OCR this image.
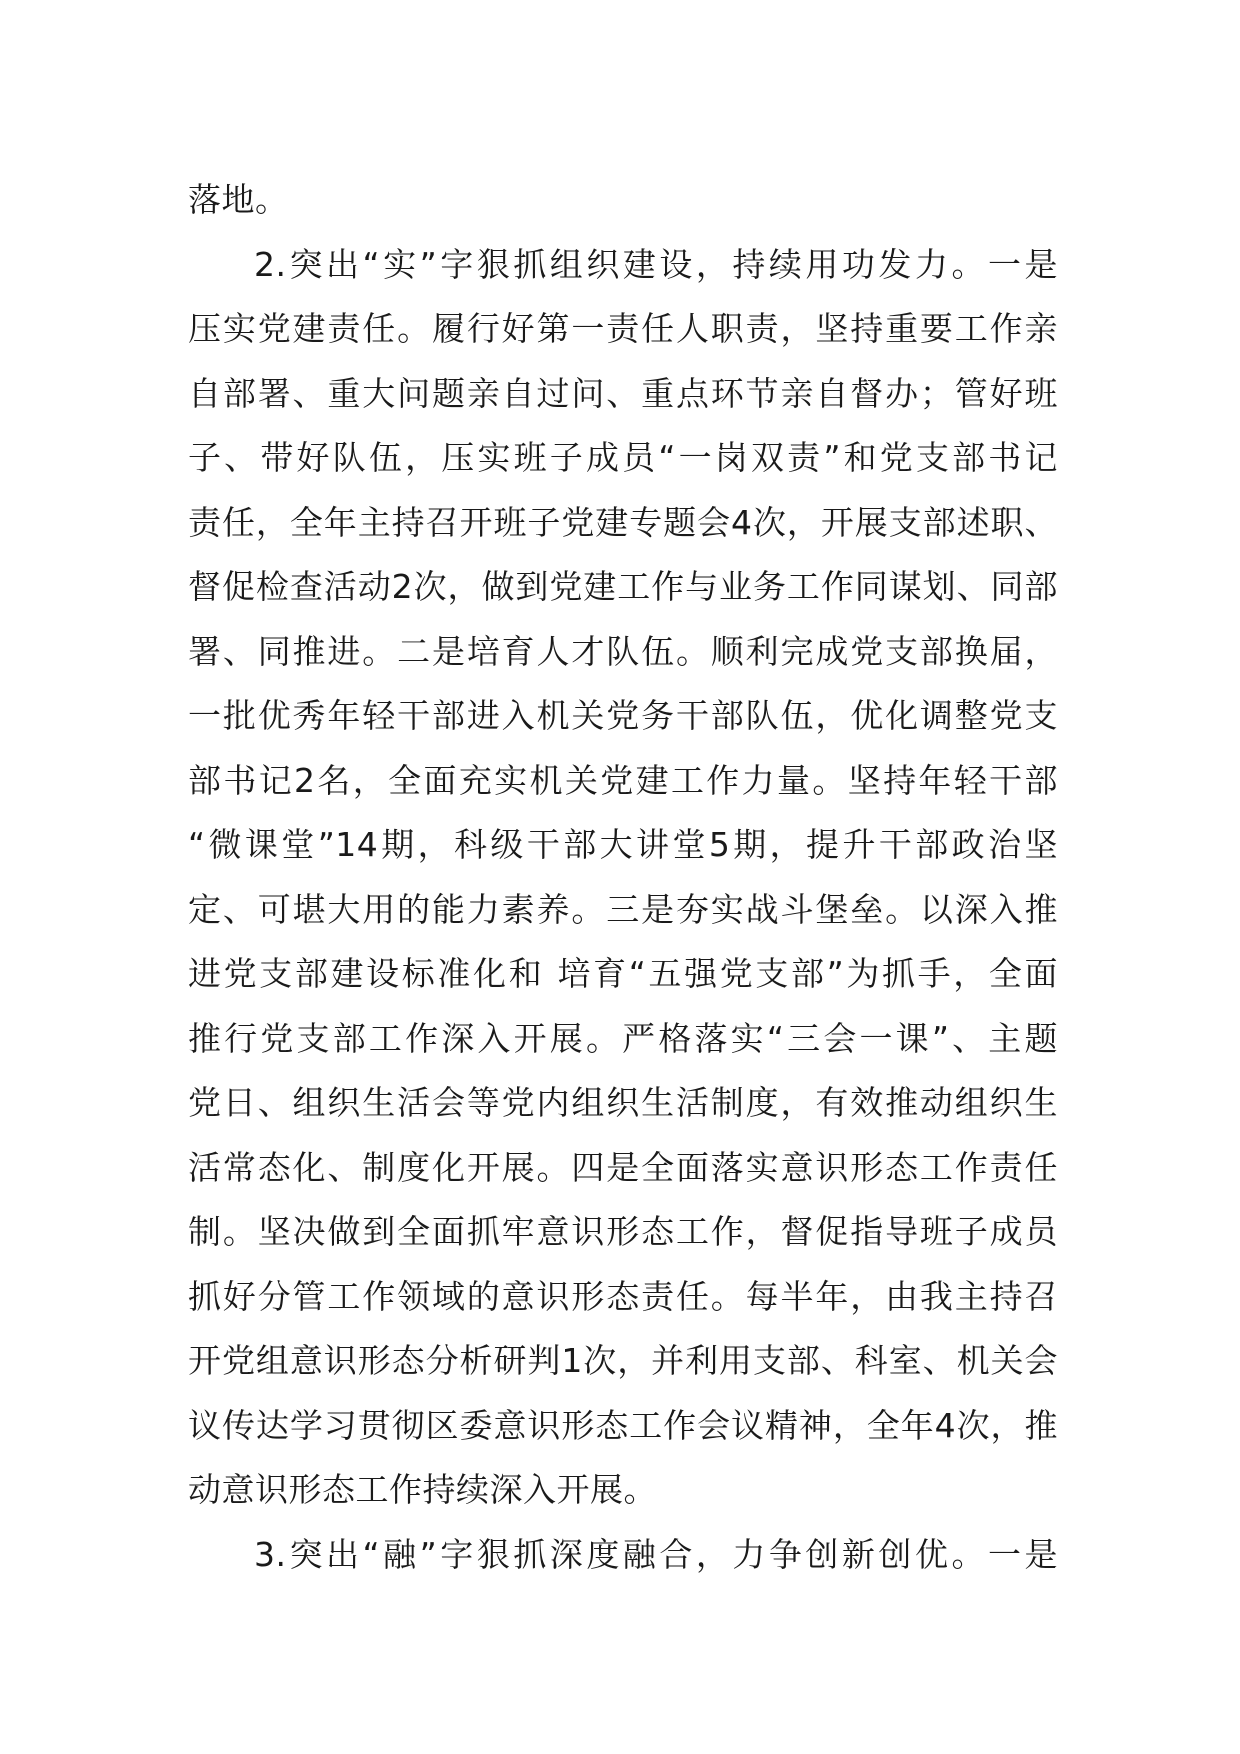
落地。
2.突出“实”字狠抓组织建设，持续用功发力。一是
压实党建责任。履行好第一责任人职责，坚持重要工作亲
自部署、重大问题亲自过问、重点环节亲自督办；管好班
子、带好队伍，压实班子成员“一岗双责”和党支部书记
责任，全年主持召开班子党建专题会4次，开展支部述职、
督促检查活动2次，做到党建工作与业务工作同谋划、同部
署、同推进。二是培育人才队伍。顺利完成党支部换届，
一批优秀年轻干部进入机关党务干部队伍，优化调整党支
部书记2名，全面充实机关党建工作力量。坚持年轻干部
“微课堂”14期，科级干部大讲堂5期，提升干部政治坚
定、可堪大用的能力素养。三是夯实战斗堡垒。以深入推
进党支部建设标准化和 培育“五强党支部”为抓手，全面
推行党支部工作深入开展。严格落实“三会一课”、主题
党日、组织生活会等党内组织生活制度，有效推动组织生
活常态化、制度化开展。四是全面落实意识形态工作责任
制。坚决做到全面抓牢意识形态工作，督促指导班子成员
抓好分管工作领域的意识形态责任。每半年，由我主持召
开党组意识形态分析研判1次，并利用支部、科室、机关会
议传达学习贯彻区委意识形态工作会议精神，全年4次，推
动意识形态工作持续深入开展。
3.突出“融”字狠抓深度融合，力争创新创优。一是
